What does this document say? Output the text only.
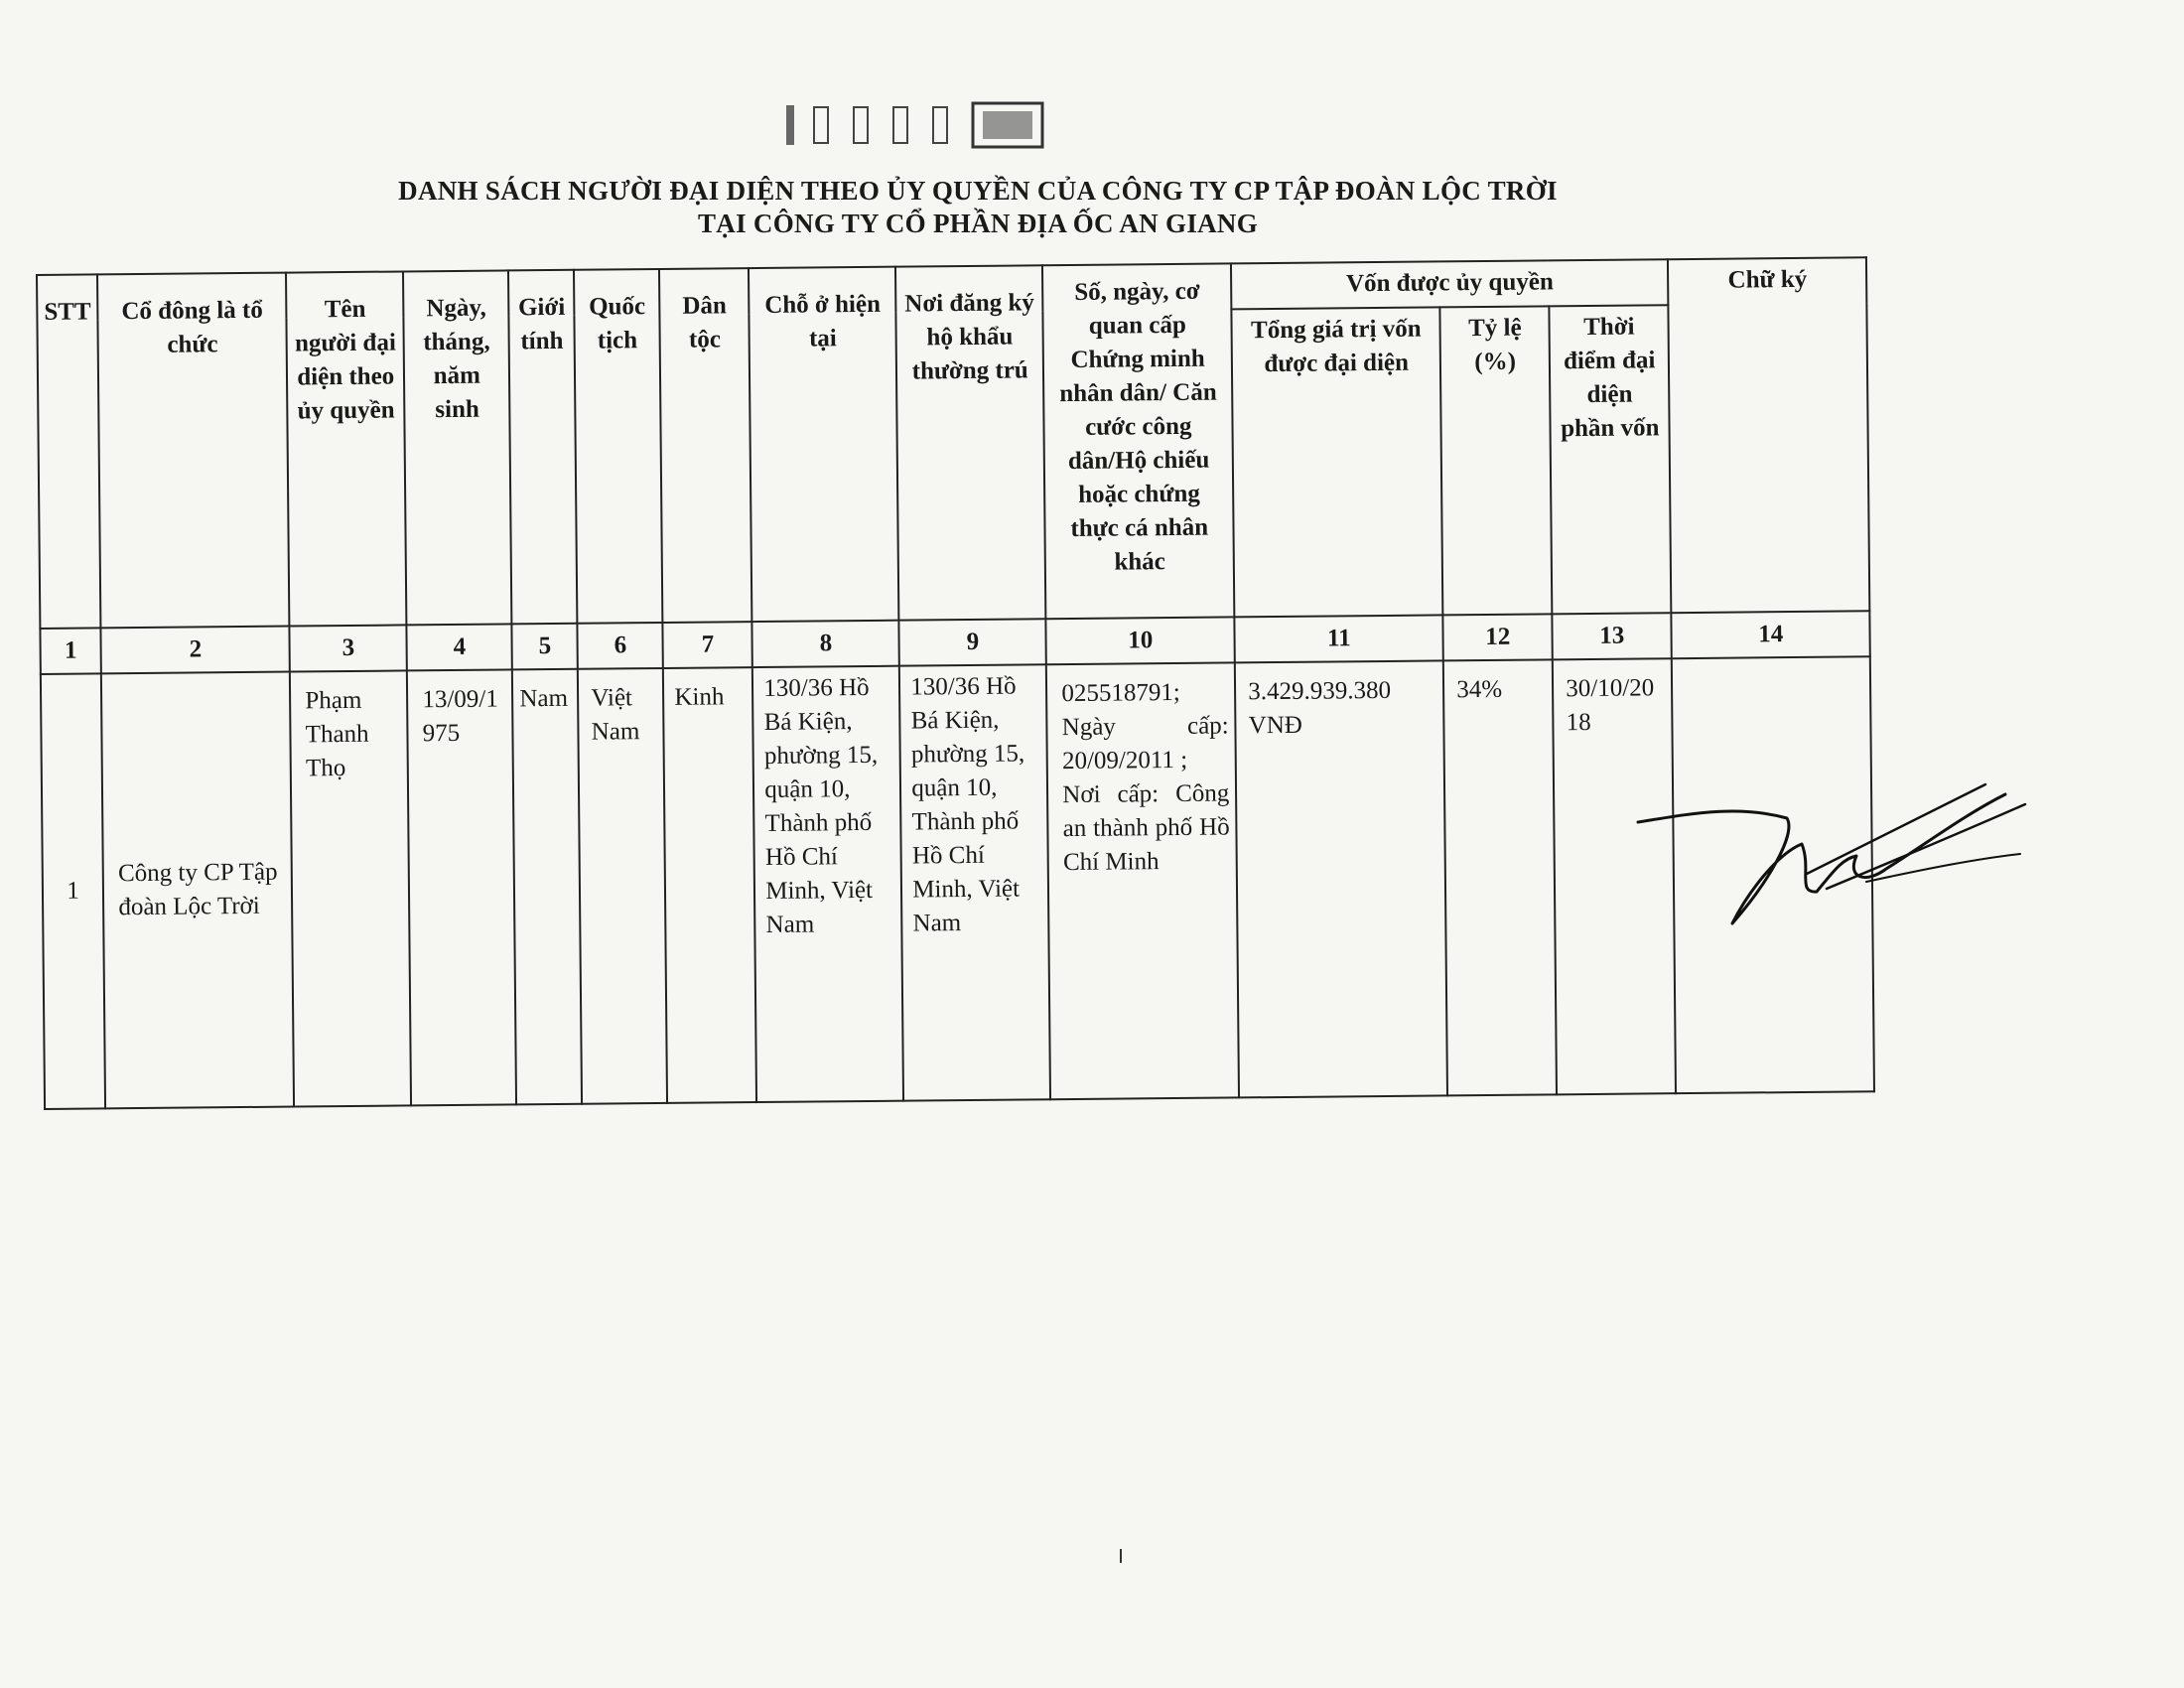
DANH SÁCH NGƯỜI ĐẠI DIỆN THEO ỦY QUYỀN CỦA CÔNG TY CP TẬP ĐOÀN LỘC TRỜI
TẠI CÔNG TY CỔ PHẦN ĐỊA ỐC AN GIANG
STT	Cổ đông là tổ chức	Tên người đại diện theo ủy quyền	Ngày, tháng, năm sinh	Giới tính	Quốc tịch	Dân tộc	Chỗ ở hiện tại	Nơi đăng ký hộ khẩu thường trú	Số, ngày, cơ quan cấp Chứng minh nhân dân/ Căn cước công dân/Hộ chiếu hoặc chứng thực cá nhân khác	Vốn được ủy quyền			Chữ ký
										Tổng giá trị vốn được đại diện	Tỷ lệ (%)	Thời điểm đại diện phần vốn	
1	2	3	4	5	6	7	8	9	10	11	12	13	14
1	Công ty CP Tập đoàn Lộc Trời	Phạm Thanh Thọ	13/09/1975	Nam	Việt Nam	Kinh	130/36 Hồ Bá Kiện, phường 15, quận 10, Thành phố Hồ Chí Minh, Việt Nam	130/36 Hồ Bá Kiện, phường 15, quận 10, Thành phố Hồ Chí Minh, Việt Nam	025518791;
Ngày cấp: 20/09/2011 ;
Nơi cấp: Công an thành phố Hồ Chí Minh	3.429.939.380 VNĐ	34%	30/10/2018	
